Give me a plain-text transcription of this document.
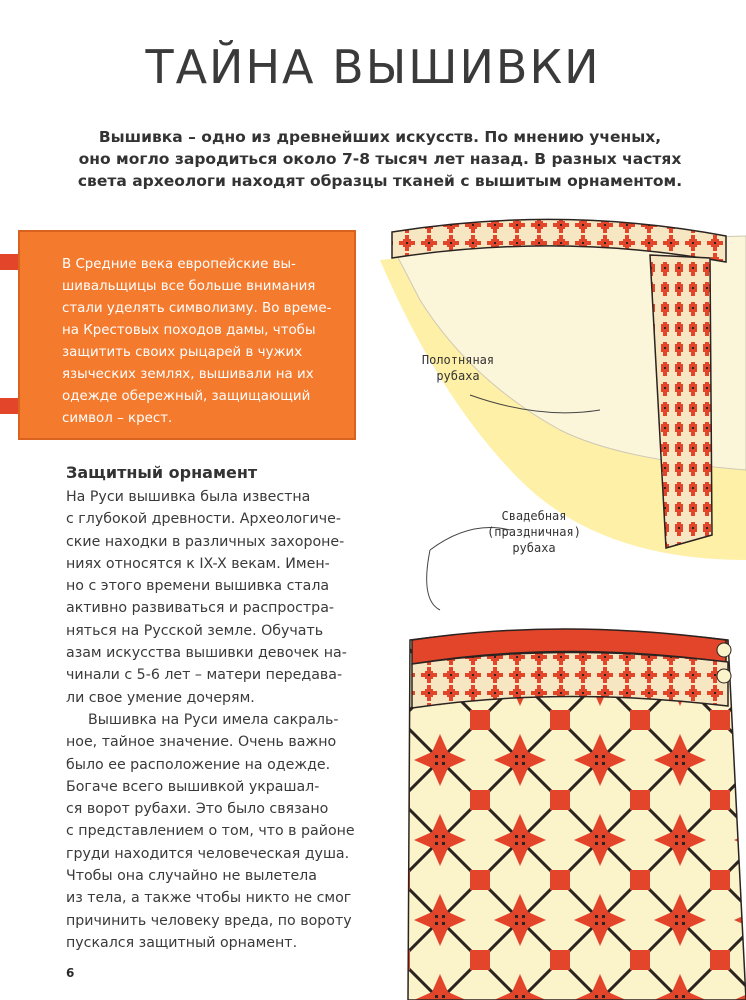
ТАЙНА ВЫШИВКИ
Вышивка – одно из древнейших искусств. По мнению ученых,
оно могло зародиться около 7-8 тысяч лет назад. В разных частях
света археологи находят образцы тканей с вышитым орнаментом.
В Средние века европейские вы-
шивальщицы все больше внимания
стали уделять символизму. Во време-
на Крестовых походов дамы, чтобы
защитить своих рыцарей в чужих
языческих землях, вышивали на их
одежде обережный, защищающий
символ – крест.
Защитный орнамент
На Руси вышивка была известна
с глубокой древности. Археологиче-
ские находки в различных захороне-
ниях относятся к IX-X векам. Имен-
но с этого времени вышивка стала
активно развиваться и распростра-
няться на Русской земле. Обучать
азам искусства вышивки девочек на-
чинали с 5-6 лет – матери передава-
ли свое умение дочерям.
Вышивка на Руси имела сакраль-
ное, тайное значение. Очень важно
было ее расположение на одежде.
Богаче всего вышивкой украшал-
ся ворот рубахи. Это было связано
с представлением о том, что в районе
груди находится человеческая душа.
Чтобы она случайно не вылетела
из тела, а также чтобы никто не смог
причинить человеку вреда, по вороту
пускался защитный орнамент.
Полотняная
рубаха
Свадебная
(праздничная)
рубаха
6
